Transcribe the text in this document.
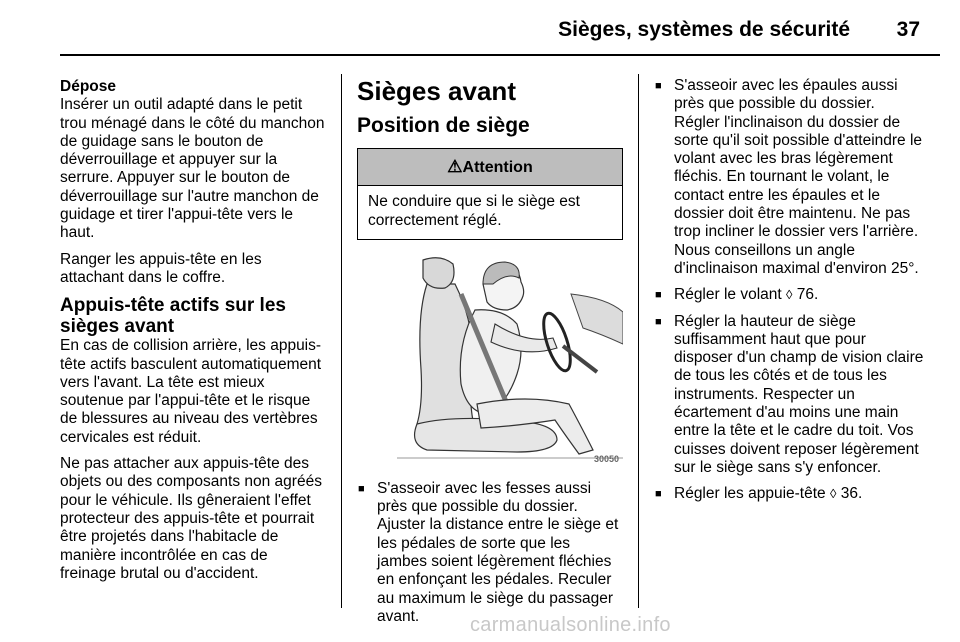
Sièges, systèmes de sécurité 37

Dépose

Insérer un outil adapté dans le petit trou ménagé dans le côté du manchon de guidage sans le bouton de déverrouillage et appuyer sur la serrure. Appuyer sur le bouton de déverrouillage sur l'autre manchon de guidage et tirer l'appui-tête vers le haut.

Ranger les appuis-tête en les attachant dans le coffre.

Appuis-tête actifs sur les sièges avant

En cas de collision arrière, les appuis-tête actifs basculent automatiquement vers l'avant. La tête est mieux soutenue par l'appui-tête et le risque de blessures au niveau des vertèbres cervicales est réduit.

Ne pas attacher aux appuis-tête des objets ou des composants non agréés pour le véhicule. Ils gêneraient l'effet protecteur des appuis-tête et pourrait être projetés dans l'habitacle de manière incontrôlée en cas de freinage brutal ou d'accident.

Sièges avant
Position de siège
⚠Attention
Ne conduire que si le siège est correctement réglé.
30050
■ S'asseoir avec les fesses aussi près que possible du dossier. Ajuster la distance entre le siège et les pédales de sorte que les jambes soient légèrement fléchies en enfonçant les pédales. Reculer au maximum le siège du passager avant.
■ S'asseoir avec les épaules aussi près que possible du dossier. Régler l'inclinaison du dossier de sorte qu'il soit possible d'atteindre le volant avec les bras légèrement fléchis. En tournant le volant, le contact entre les épaules et le dossier doit être maintenu. Ne pas trop incliner le dossier vers l'arrière. Nous conseillons un angle d'inclinaison maximal d'environ 25°.
■ Régler le volant ◊ 76.
■ Régler la hauteur de siège suffisamment haut que pour disposer d'un champ de vision claire de tous les côtés et de tous les instruments. Respecter un écartement d'au moins une main entre la tête et le cadre du toit. Vos cuisses doivent reposer légèrement sur le siège sans s'y enfoncer.
■ Régler les appuie-tête ◊ 36.
carmanualsonline.info
